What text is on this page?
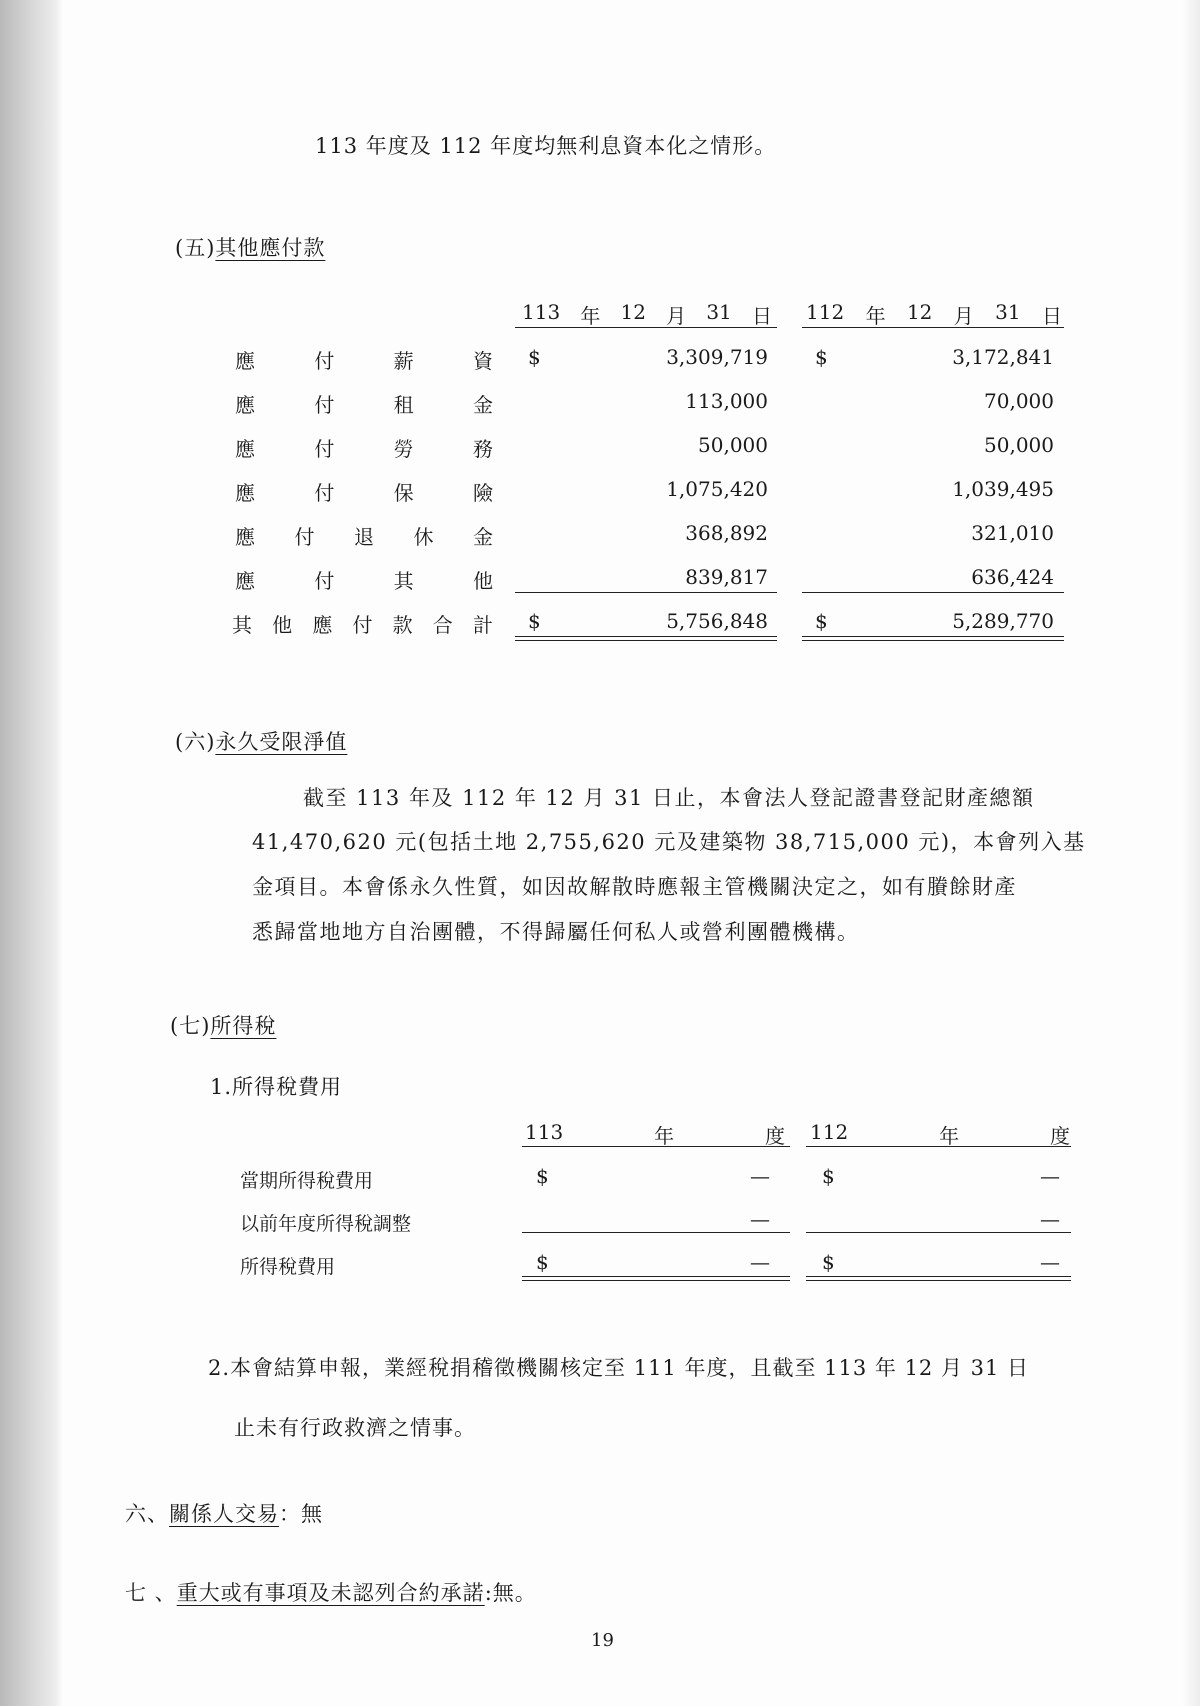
113 年度及 112 年度均無利息資本化之情形。
(五)其他應付款
113 年 12 月 31 日 112 年 12 月 31 日
應	付	薪	資 $	3,309,719 $	3,172,841
應	付	租	金	113,000	70,000
應	付	勞	務	50,000	50,000
應	付	保	險	1,075,420	1,039,495
應 付 退 休 金	368,892	321,010
應	付	其	他	839,817	636,424
其 他 應 付 款 合 計 $	5,756,848 $	5,289,770
(六)永久受限淨值
截至 113 年及 112 年 12 月 31 日止，本會法人登記證書登記財產總額
41,470,620 元(包括土地 2,755,620 元及建築物 38,715,000 元)，本會列入基
金項目。本會係永久性質，如因故解散時應報主管機關決定之，如有賸餘財產
悉歸當地地方自治團體，不得歸屬任何私人或營利團體機構。
(七)所得稅
1.所得稅費用
113	年	度 112	年	度
當期所得稅費用	$	—	$	—
以前年度所得稅調整	—	—
所得稅費用	$	—	$	—
2.本會結算申報，業經稅捐稽徵機關核定至 111 年度，且截至 113 年 12 月 31 日
止未有行政救濟之情事。
六、關係人交易：無
七 、重大或有事項及未認列合約承諾:無。
19
